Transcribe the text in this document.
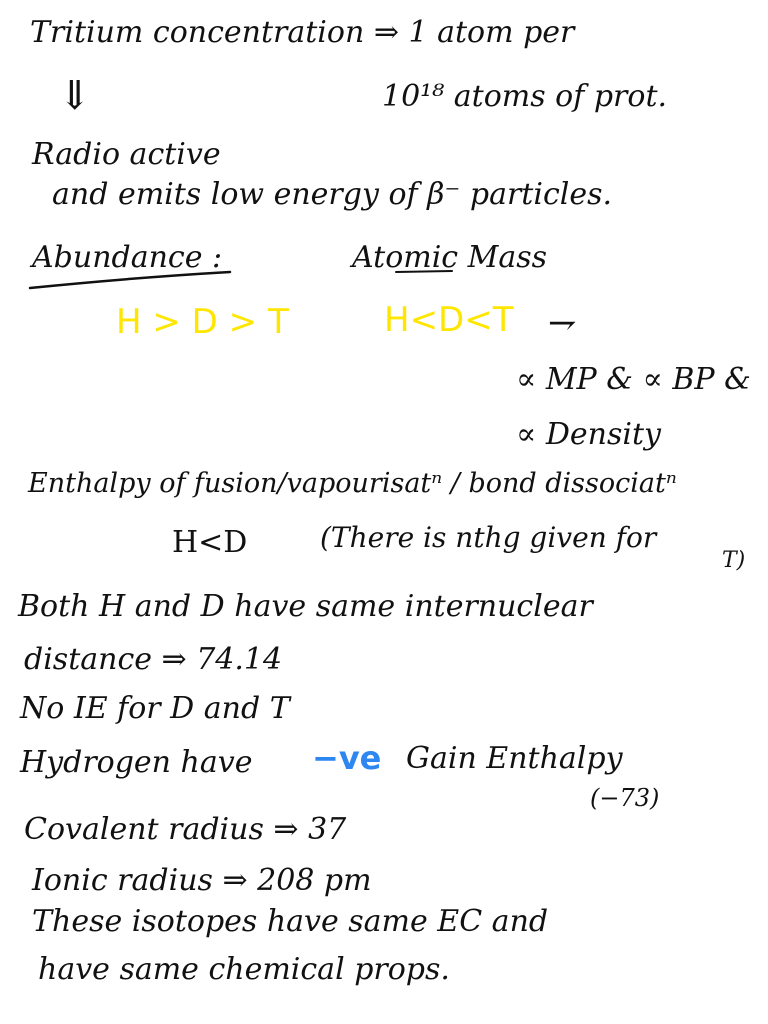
Tritium concentration ⇒ 1 atom per
⇓	10¹⁸ atoms of prot.
Radio active
and emits low energy of β⁻ particles.
Abundance :	Atomic Mass
H > D > T	H<D<T ⇁
∝ MP & ∝ BP &
∝ Density
Enthalpy of fusion/vapourisatⁿ / bond dissociatⁿ
H<D	(There is nthg given for
T)
Both H and D have same internuclear
distance ⇒ 74.14
No IE for D and T
Hydrogen have −ve Gain Enthalpy
(−73)
Covalent radius ⇒ 37
Ionic radius ⇒ 208 pm
These isotopes have same EC and
have same chemical props.
